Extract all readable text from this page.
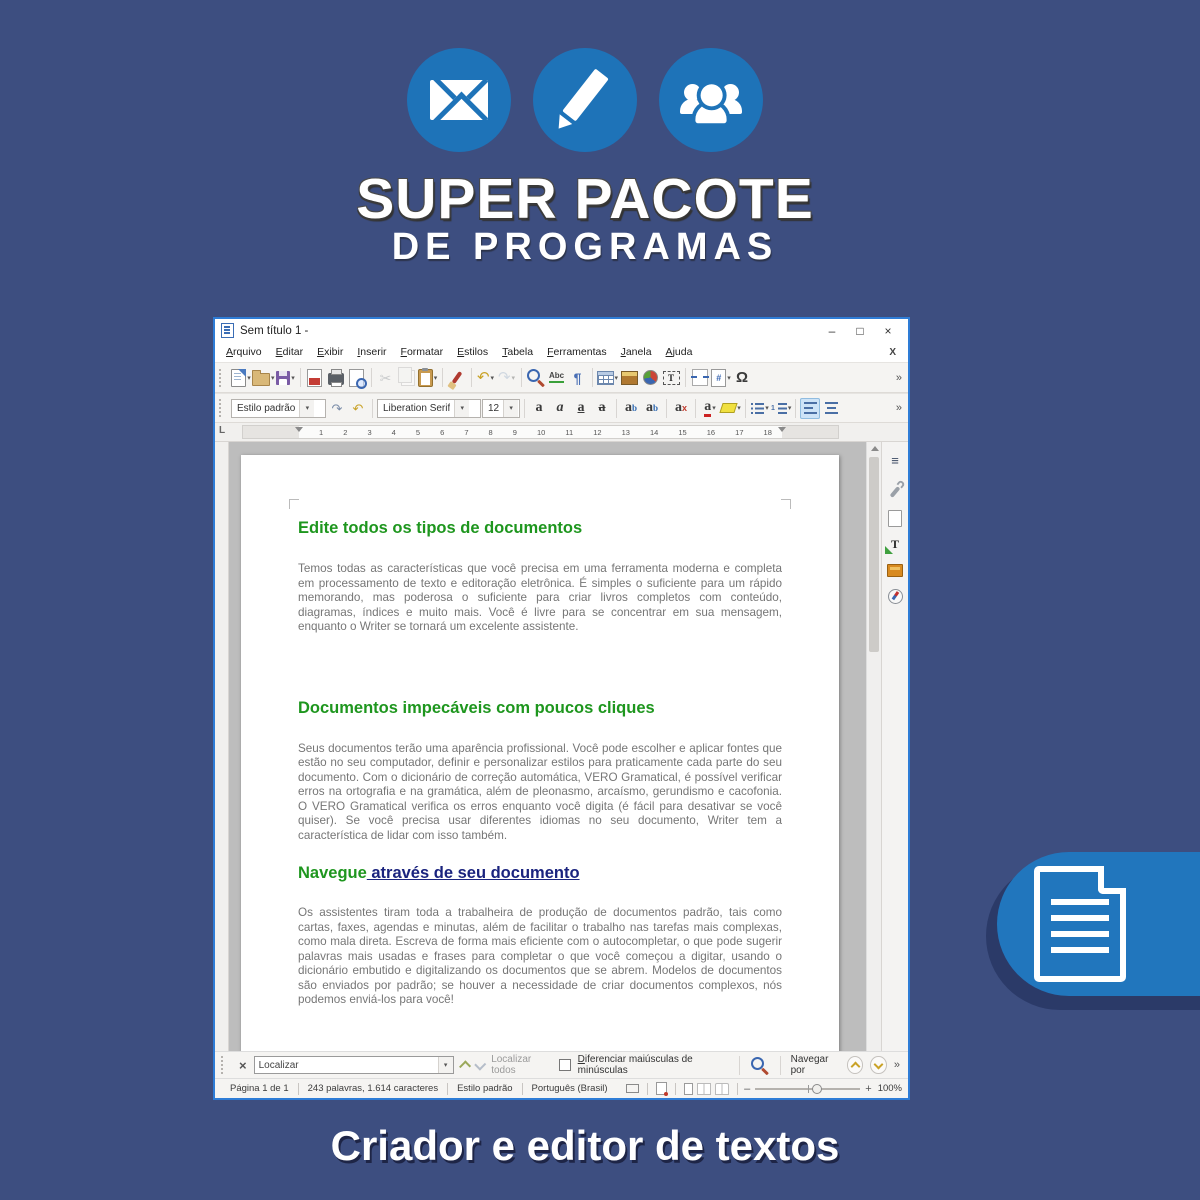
SUPER PACOTE
DE PROGRAMAS
Sem título 1 -	–	□	×
Arquivo	Editar	Exibir	Inserir	Formatar	Estilos	Tabela	Ferramentas	Janela	Ajuda	X
▾	▾ ▾	✂	▾	↶ ▾ ↷ ▾	Abc ¶	▾	T	# ▾ Ω	»
Estilo padrão	▾	↷ ↶ Liberation Serif	▾	12	▾	a a a a a b a b a x a ▾	▾	▾ 1 ▾	»
L	1	2	3	4	5	6	7	8	9	10	11	12	13	14	15	16	17	18
Edite todos os tipos de documentos

Temos todas as características que você precisa em uma ferramenta moderna e completa em processamento de texto e editoração eletrônica. É simples o suficiente para um rápido memorando, mas poderosa o suficiente para criar livros completos com conteúdo, diagramas, índices e muito mais. Você é livre para se concentrar em sua mensagem, enquanto o Writer se tornará um excelente assistente.

Documentos impecáveis com poucos cliques

Seus documentos terão uma aparência profissional. Você pode escolher e aplicar fontes que estão no seu computador, definir e personalizar estilos para praticamente cada parte do seu documento. Com o dicionário de correção automática, VERO Gramatical, é possível verificar erros na ortografia e na gramática, além de pleonasmo, arcaísmo, gerundismo e cacofonia. O VERO Gramatical verifica os erros enquanto você digita (é fácil para desativar se você quiser). Se você precisa usar diferentes idiomas no seu documento, Writer tem a característica de lidar com isso também.

Navegue através de seu documento

Os assistentes tiram toda a trabalheira de produção de documentos padrão, tais como cartas, faxes, agendas e minutas, além de facilitar o trabalho nas tarefas mais complexas, como mala direta. Escreva de forma mais eficiente com o autocompletar, o que pode sugerir palavras mais usadas e frases para completar o que você começou a digitar, usando o dicionário embutido e digitalizando os documentos que se abrem. Modelos de documentos são enviados por padrão; se houver a necessidade de criar documentos complexos, nós podemos enviá-los para você!

≡
T
×
Localizar	▾
Localizar todos
Diferenciar maiúsculas de minúsculas
Navegar por	»
Página 1 de 1	243 palavras, 1.614 caracteres	Estilo padrão	Português (Brasil)	–	+ 100%
Criador e editor de textos
